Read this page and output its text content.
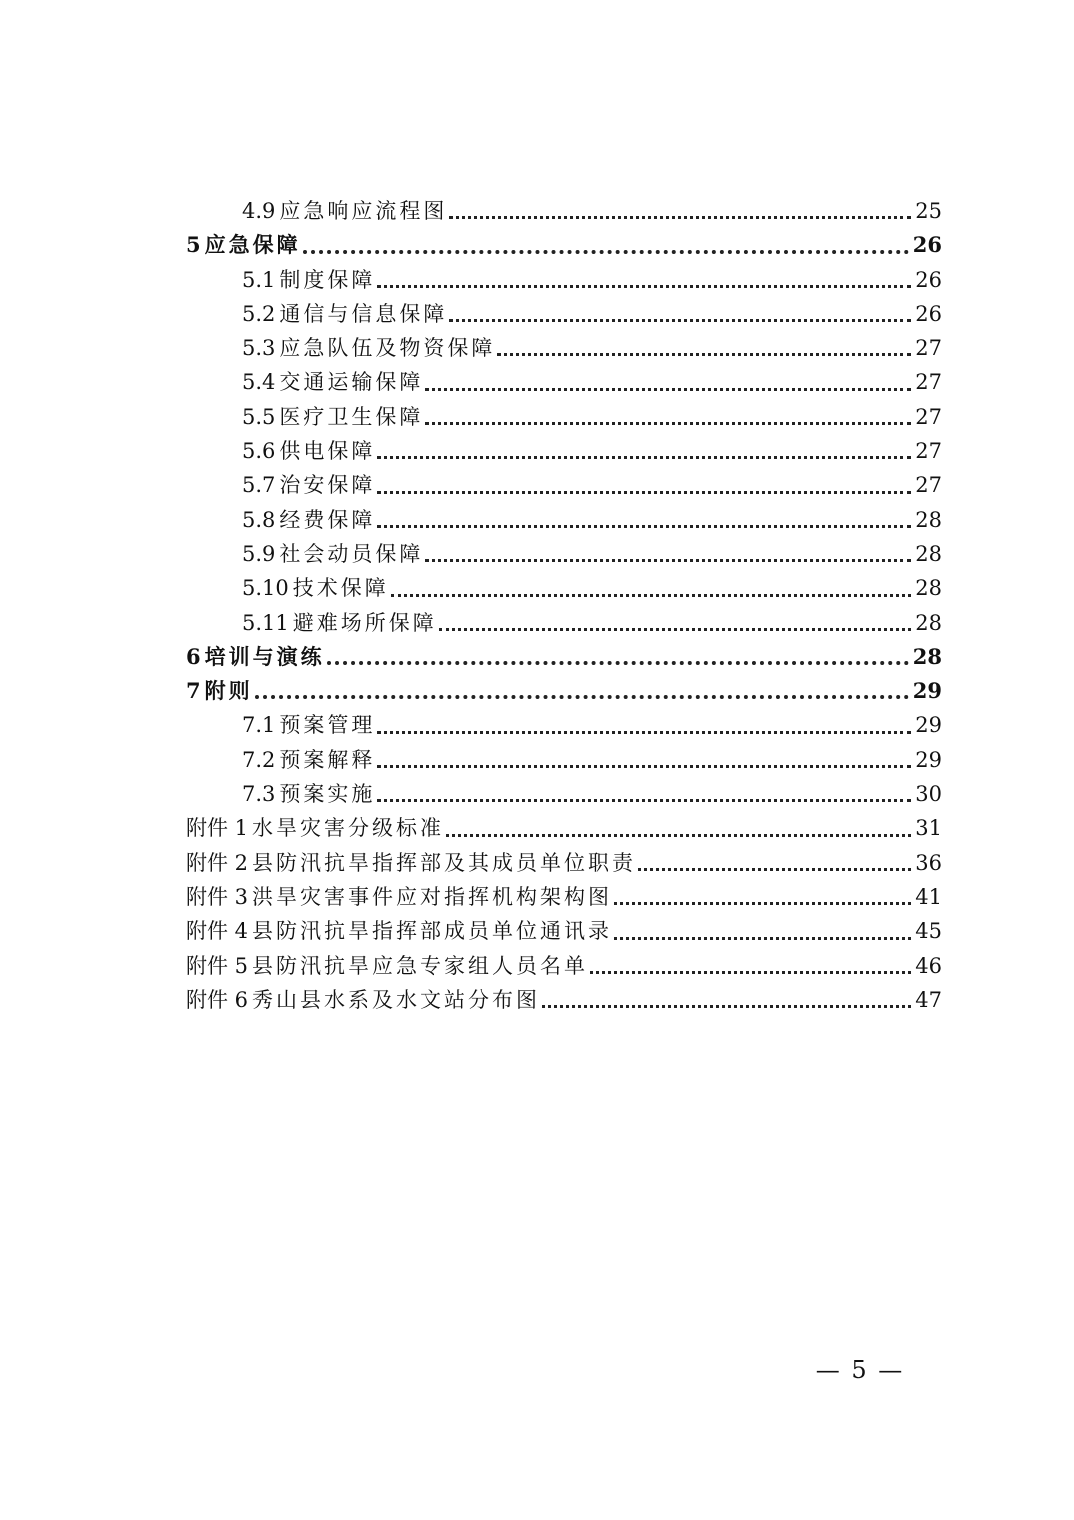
4.9 应急响应流程图	25
5 应急保障	26
5.1 制度保障	26
5.2 通信与信息保障	26
5.3 应急队伍及物资保障	27
5.4 交通运输保障	27
5.5 医疗卫生保障	27
5.6 供电保障	27
5.7 治安保障	27
5.8 经费保障	28
5.9 社会动员保障	28
5.10 技术保障	28
5.11 避难场所保障	28
6 培训与演练	28
7 附则	29
7.1 预案管理	29
7.2 预案解释	29
7.3 预案实施	30
附件 1 水旱灾害分级标准	31
附件 2 县防汛抗旱指挥部及其成员单位职责	36
附件 3 洪旱灾害事件应对指挥机构架构图	41
附件 4 县防汛抗旱指挥部成员单位通讯录	45
附件 5 县防汛抗旱应急专家组人员名单	46
附件 6 秀山县水系及水文站分布图	47
— 5 —
